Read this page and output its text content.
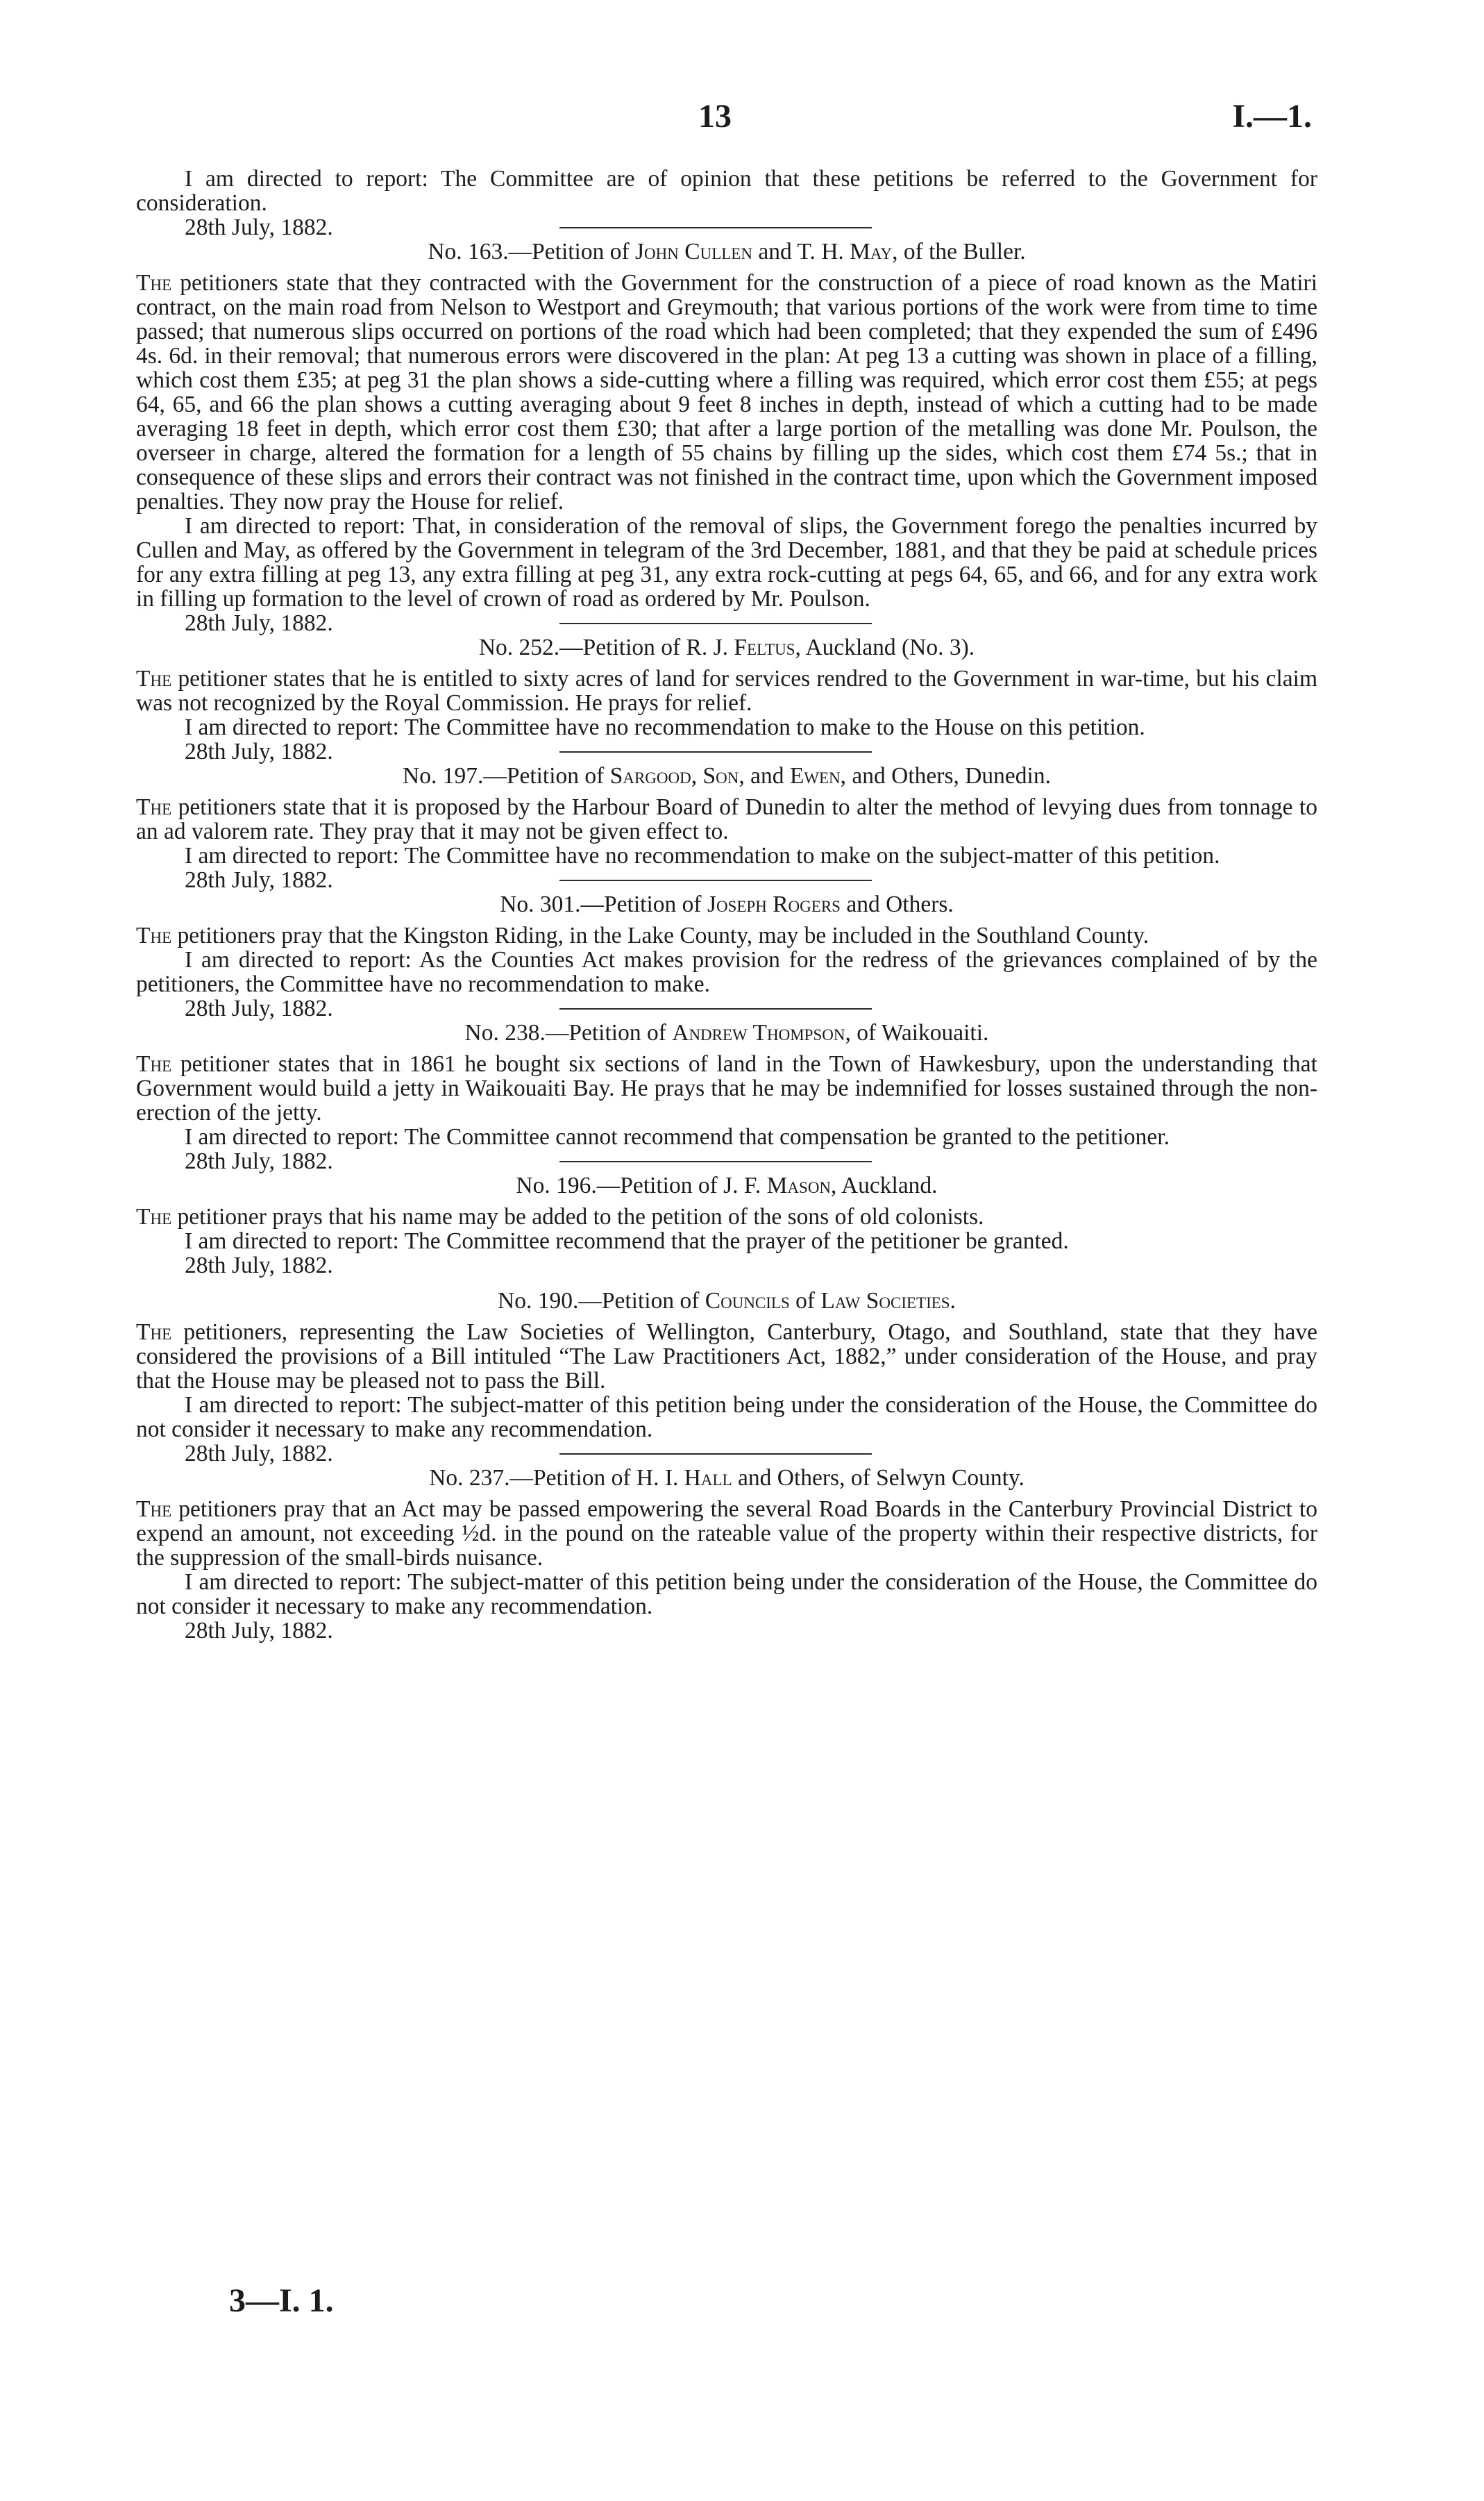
13	I.—1.

I am directed to report: The Committee are of opinion that these petitions be referred to the Government for consideration.

28th July, 1882.

No. 163.—Petition of John Cullen and T. H. May, of the Buller.

The petitioners state that they contracted with the Government for the construction of a piece of road known as the Matiri contract, on the main road from Nelson to Westport and Greymouth; that various portions of the work were from time to time passed; that numerous slips occurred on portions of the road which had been completed; that they expended the sum of £496 4s. 6d. in their removal; that numerous errors were discovered in the plan: At peg 13 a cutting was shown in place of a filling, which cost them £35; at peg 31 the plan shows a side-cutting where a filling was required, which error cost them £55; at pegs 64, 65, and 66 the plan shows a cutting averaging about 9 feet 8 inches in depth, instead of which a cutting had to be made averaging 18 feet in depth, which error cost them £30; that after a large portion of the metalling was done Mr. Poulson, the overseer in charge, altered the formation for a length of 55 chains by filling up the sides, which cost them £74 5s.; that in consequence of these slips and errors their contract was not finished in the contract time, upon which the Government imposed penalties. They now pray the House for relief.

I am directed to report: That, in consideration of the removal of slips, the Government forego the penalties incurred by Cullen and May, as offered by the Government in telegram of the 3rd December, 1881, and that they be paid at schedule prices for any extra filling at peg 13, any extra filling at peg 31, any extra rock-cutting at pegs 64, 65, and 66, and for any extra work in filling up formation to the level of crown of road as ordered by Mr. Poulson.

28th July, 1882.

No. 252.—Petition of R. J. Feltus, Auckland (No. 3).

The petitioner states that he is entitled to sixty acres of land for services rendred to the Government in war-time, but his claim was not recognized by the Royal Commission. He prays for relief.

I am directed to report: The Committee have no recommendation to make to the House on this petition.

28th July, 1882.

No. 197.—Petition of Sargood, Son, and Ewen, and Others, Dunedin.

The petitioners state that it is proposed by the Harbour Board of Dunedin to alter the method of levying dues from tonnage to an ad valorem rate. They pray that it may not be given effect to.

I am directed to report: The Committee have no recommendation to make on the subject-matter of this petition.

28th July, 1882.

No. 301.—Petition of Joseph Rogers and Others.

The petitioners pray that the Kingston Riding, in the Lake County, may be included in the Southland County.

I am directed to report: As the Counties Act makes provision for the redress of the grievances complained of by the petitioners, the Committee have no recommendation to make.

28th July, 1882.

No. 238.—Petition of Andrew Thompson, of Waikouaiti.

The petitioner states that in 1861 he bought six sections of land in the Town of Hawkesbury, upon the understanding that Government would build a jetty in Waikouaiti Bay. He prays that he may be indemnified for losses sustained through the non-erection of the jetty.

I am directed to report: The Committee cannot recommend that compensation be granted to the petitioner.

28th July, 1882.

No. 196.—Petition of J. F. Mason, Auckland.

The petitioner prays that his name may be added to the petition of the sons of old colonists.

I am directed to report: The Committee recommend that the prayer of the petitioner be granted.

28th July, 1882.

No. 190.—Petition of Councils of Law Societies.

The petitioners, representing the Law Societies of Wellington, Canterbury, Otago, and Southland, state that they have considered the provisions of a Bill intituled “The Law Practitioners Act, 1882,” under consideration of the House, and pray that the House may be pleased not to pass the Bill.

I am directed to report: The subject-matter of this petition being under the consideration of the House, the Committee do not consider it necessary to make any recommendation.

28th July, 1882.

No. 237.—Petition of H. I. Hall and Others, of Selwyn County.

The petitioners pray that an Act may be passed empowering the several Road Boards in the Canterbury Provincial District to expend an amount, not exceeding ½d. in the pound on the rateable value of the property within their respective districts, for the suppression of the small-birds nuisance.

I am directed to report: The subject-matter of this petition being under the consideration of the House, the Committee do not consider it necessary to make any recommendation.

28th July, 1882.

3—I. 1.
